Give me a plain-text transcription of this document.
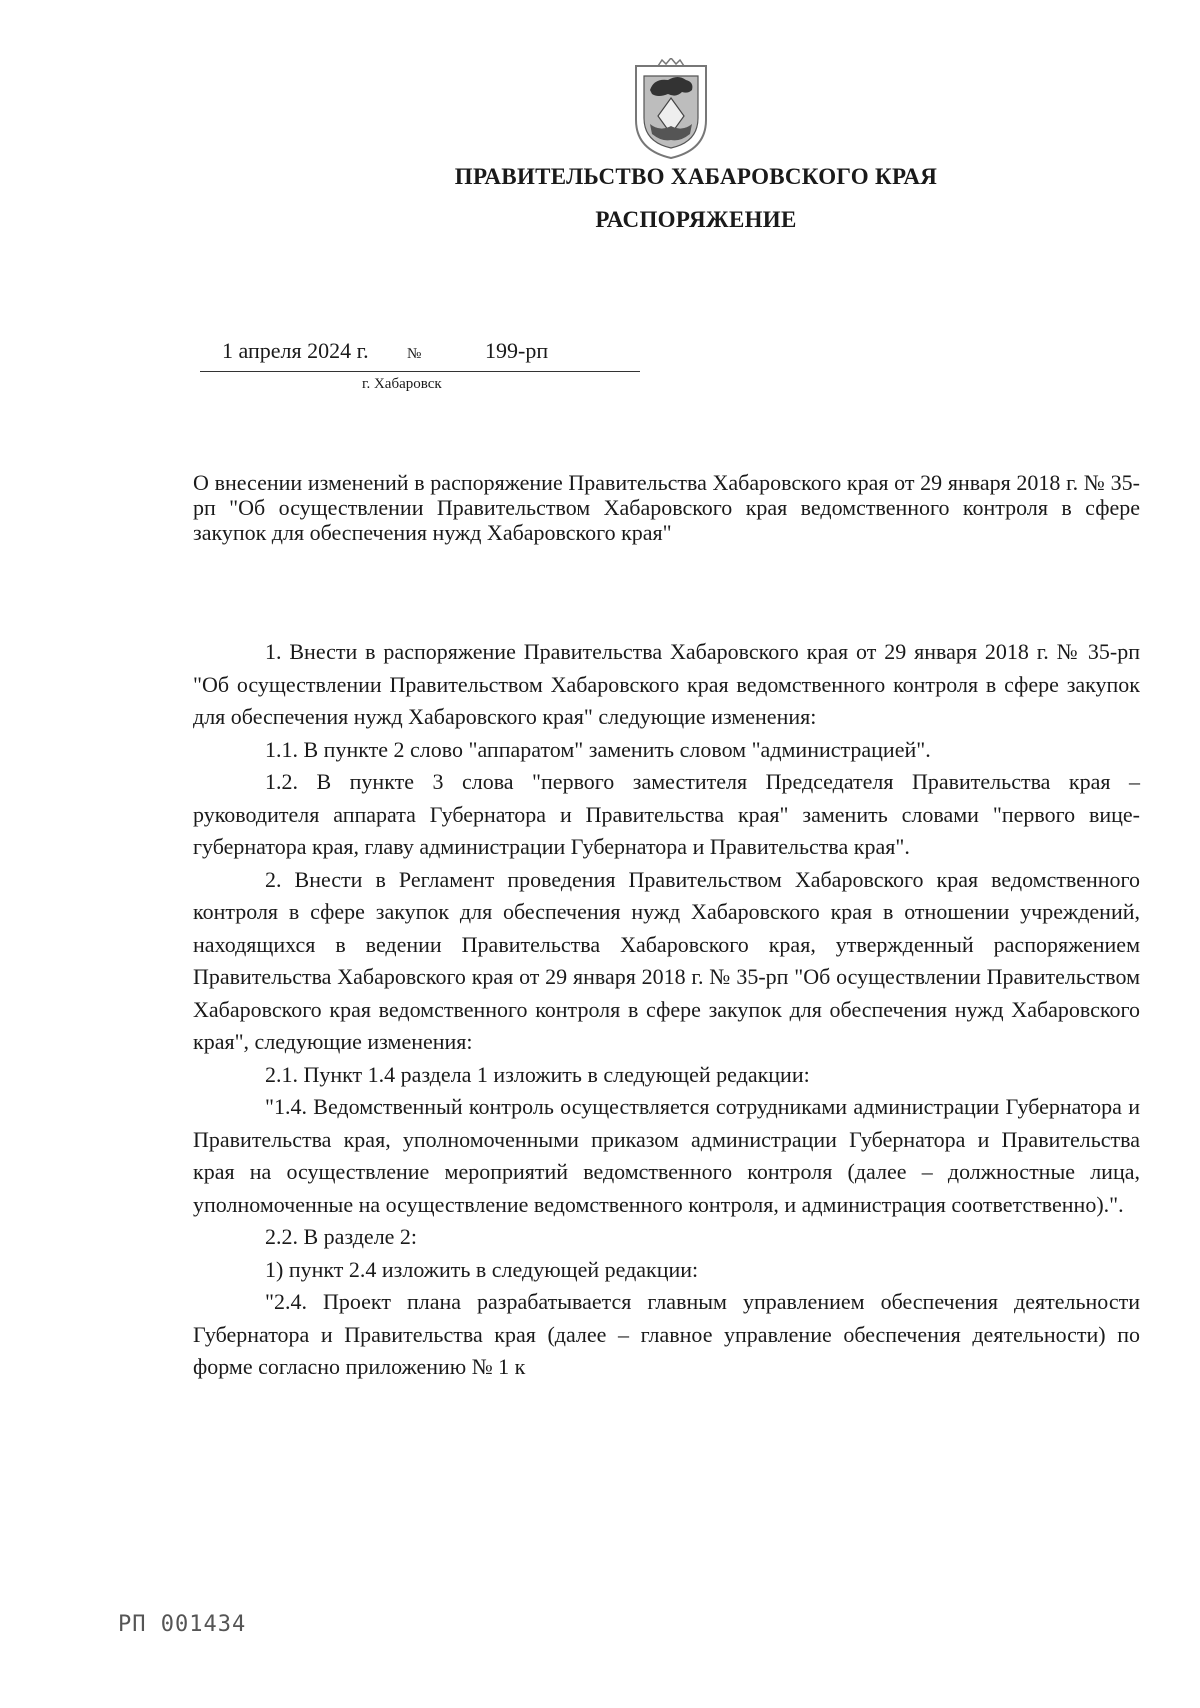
ПРАВИТЕЛЬСТВО ХАБАРОВСКОГО КРАЯ
РАСПОРЯЖЕНИЕ
1 апреля 2024 г.	№	199-рп
г. Хабаровск
О внесении изменений в распоряжение Правительства Хабаровского края от 29 января 2018 г. № 35-рп "Об осуществлении Правительством Хабаровского края ведомственного контроля в сфере закупок для обеспечения нужд Хабаровского края"

1. Внести в распоряжение Правительства Хабаровского края от 29 января 2018 г. № 35-рп "Об осуществлении Правительством Хабаровского края ведомственного контроля в сфере закупок для обеспечения нужд Хабаровского края" следующие изменения:

1.1. В пункте 2 слово "аппаратом" заменить словом "администрацией".

1.2. В пункте 3 слова "первого заместителя Председателя Правительства края – руководителя аппарата Губернатора и Правительства края" заменить словами "первого вице-губернатора края, главу администрации Губернатора и Правительства края".

2. Внести в Регламент проведения Правительством Хабаровского края ведомственного контроля в сфере закупок для обеспечения нужд Хабаровского края в отношении учреждений, находящихся в ведении Правительства Хабаровского края, утвержденный распоряжением Правительства Хабаровского края от 29 января 2018 г. № 35-рп "Об осуществлении Правительством Хабаровского края ведомственного контроля в сфере закупок для обеспечения нужд Хабаровского края", следующие изменения:

2.1. Пункт 1.4 раздела 1 изложить в следующей редакции:

"1.4. Ведомственный контроль осуществляется сотрудниками администрации Губернатора и Правительства края, уполномоченными приказом администрации Губернатора и Правительства края на осуществление мероприятий ведомственного контроля (далее – должностные лица, уполномоченные на осуществление ведомственного контроля, и администрация соответственно).".

2.2. В разделе 2:

1) пункт 2.4 изложить в следующей редакции:

"2.4. Проект плана разрабатывается главным управлением обеспечения деятельности Губернатора и Правительства края (далее – главное управление обеспечения деятельности) по форме согласно приложению № 1 к

РП 001434
